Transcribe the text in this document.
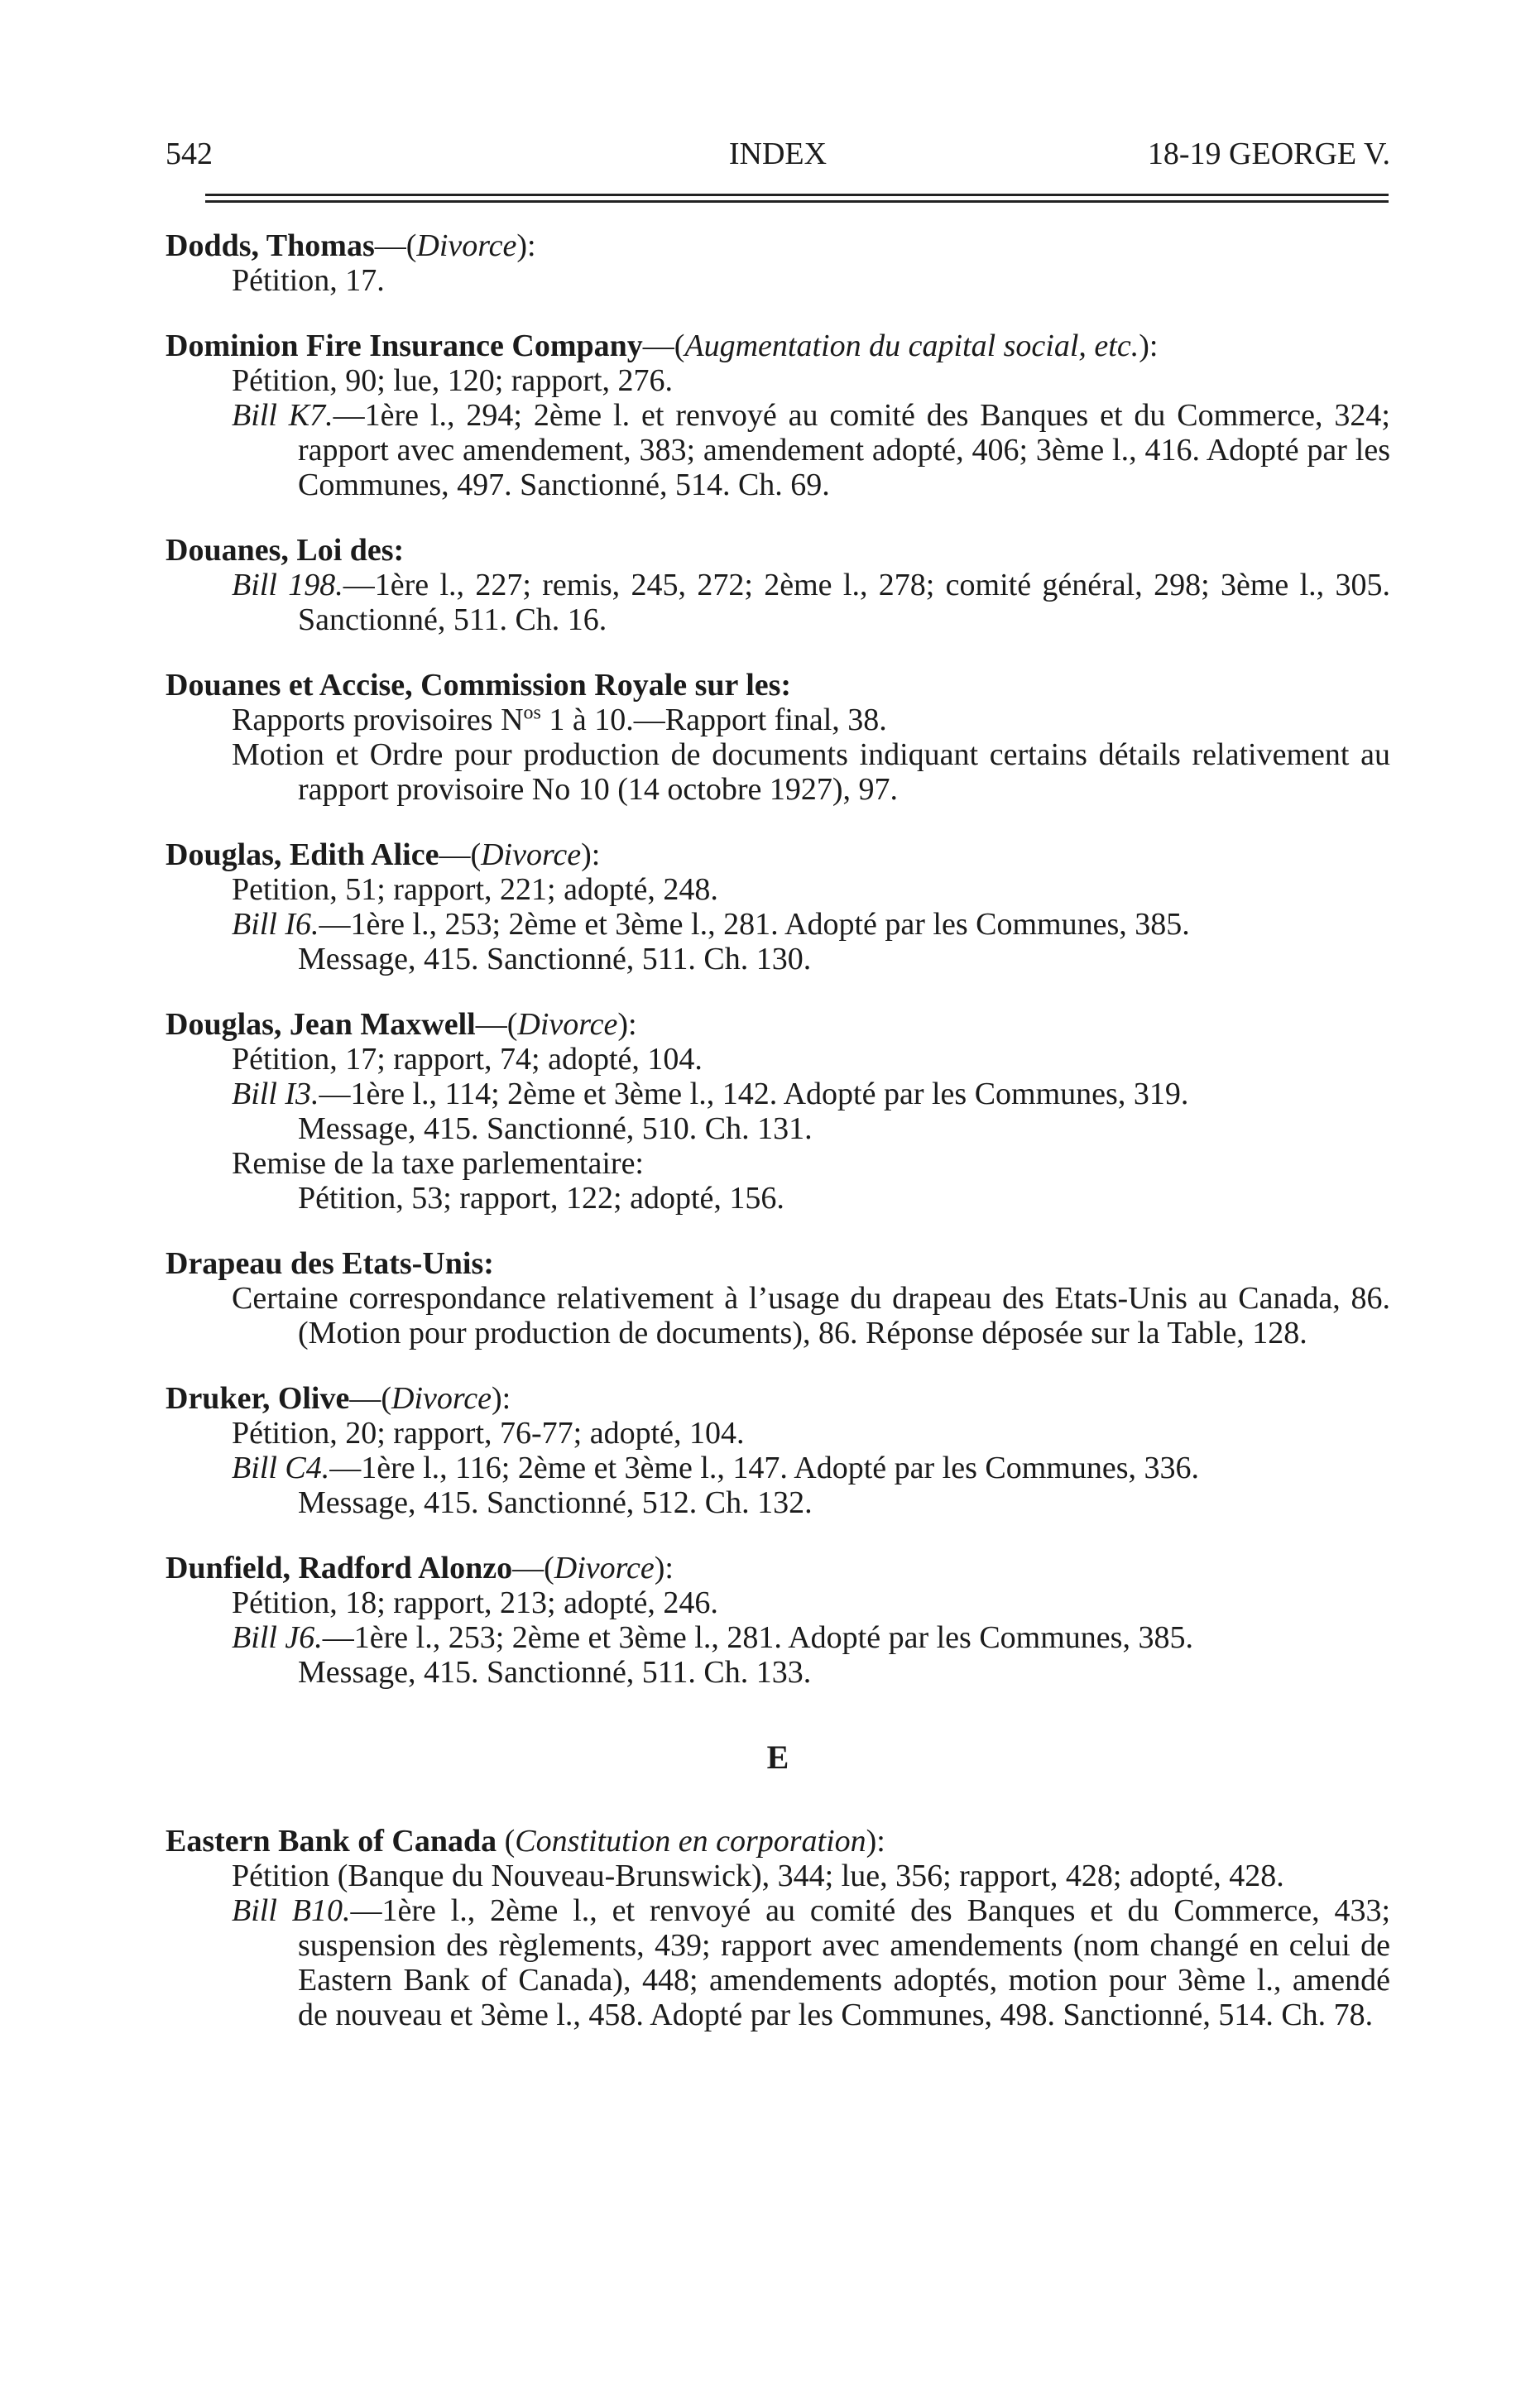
542	INDEX	18-19 GEORGE V.
Dodds, Thomas—(Divorce):
Pétition, 17.
Dominion Fire Insurance Company—(Augmentation du capital social, etc.):
Pétition, 90; lue, 120; rapport, 276.
Bill K7.—1ère l., 294; 2ème l. et renvoyé au comité des Banques et du Commerce, 324; rapport avec amendement, 383; amendement adopté, 406; 3ème l., 416. Adopté par les Communes, 497. Sanctionné, 514. Ch. 69.
Douanes, Loi des:
Bill 198.—1ère l., 227; remis, 245, 272; 2ème l., 278; comité général, 298; 3ème l., 305. Sanctionné, 511. Ch. 16.
Douanes et Accise, Commission Royale sur les:
Rapports provisoires $N^{os}$ 1 à 10.—Rapport final, 38.
Motion et Ordre pour production de documents indiquant certains détails relativement au rapport provisoire No 10 (14 octobre 1927), 97.
Douglas, Edith Alice—(Divorce):
Petition, 51; rapport, 221; adopté, 248.
Bill I6.—1ère l., 253; 2ème et 3ème l., 281. Adopté par les Communes, 385.
Message, 415. Sanctionné, 511. Ch. 130.
Douglas, Jean Maxwell—(Divorce):
Pétition, 17; rapport, 74; adopté, 104.
Bill I3.—1ère l., 114; 2ème et 3ème l., 142. Adopté par les Communes, 319.
Message, 415. Sanctionné, 510. Ch. 131.
Remise de la taxe parlementaire:
Pétition, 53; rapport, 122; adopté, 156.
Drapeau des Etats-Unis:
Certaine correspondance relativement à l’usage du drapeau des Etats-Unis au Canada, 86. (Motion pour production de documents), 86. Réponse déposée sur la Table, 128.
Druker, Olive—(Divorce):
Pétition, 20; rapport, 76-77; adopté, 104.
Bill C4.—1ère l., 116; 2ème et 3ème l., 147. Adopté par les Communes, 336.
Message, 415. Sanctionné, 512. Ch. 132.
Dunfield, Radford Alonzo—(Divorce):
Pétition, 18; rapport, 213; adopté, 246.
Bill J6.—1ère l., 253; 2ème et 3ème l., 281. Adopté par les Communes, 385.
Message, 415. Sanctionné, 511. Ch. 133.
E
Eastern Bank of Canada (Constitution en corporation):
Pétition (Banque du Nouveau-Brunswick), 344; lue, 356; rapport, 428; adopté, 428.
Bill B10.—1ère l., 2ème l., et renvoyé au comité des Banques et du Commerce, 433; suspension des règlements, 439; rapport avec amendements (nom changé en celui de Eastern Bank of Canada), 448; amendements adoptés, motion pour 3ème l., amendé de nouveau et 3ème l., 458. Adopté par les Communes, 498. Sanctionné, 514. Ch. 78.
